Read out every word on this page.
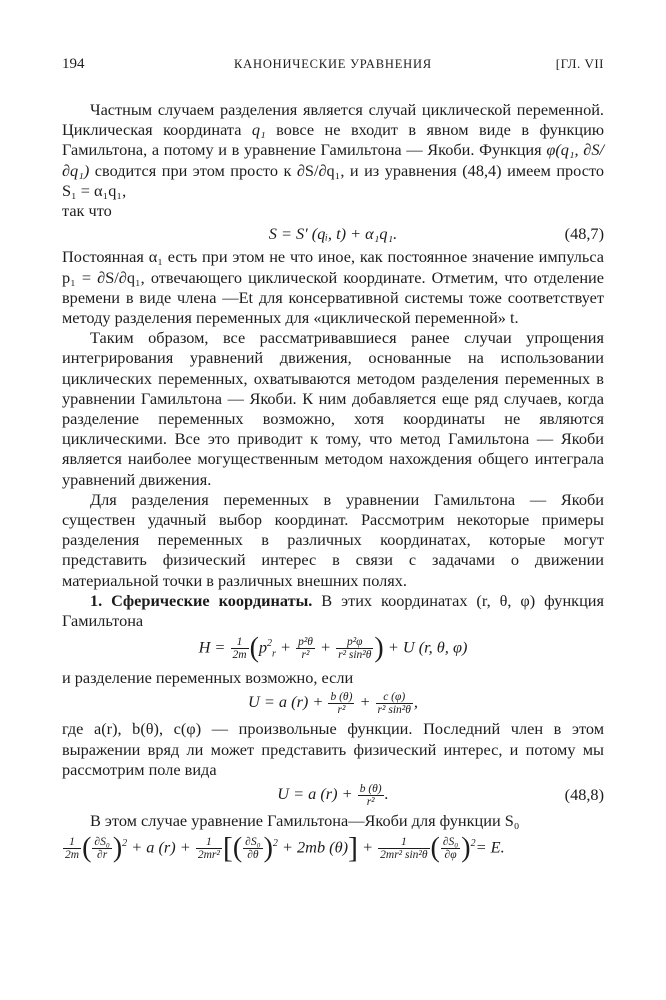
194	КАНОНИЧЕСКИЕ УРАВНЕНИЯ	[ГЛ. VII

Частным случаем разделения является случай циклической переменной. Циклическая координата q₁ вовсе не входит в явном виде в функцию Гамильтона, а потому и в уравнение Гамильтона — Якоби. Функция φ(q₁, ∂S/∂q₁) сводится при этом просто к ∂S/∂q₁, и из уравнения (48,4) имеем просто S₁ = α₁q₁,
так что

S = S′ (qᵢ, t) + α₁q₁.	(48,7)

Постоянная α₁ есть при этом не что иное, как постоянное значение импульса p₁ = ∂S/∂q₁, отвечающего циклической координате. Отметим, что отделение времени в виде члена —Et для консервативной системы тоже соответствует методу разделения переменных для «циклической переменной» t.

Таким образом, все рассматривавшиеся ранее случаи упрощения интегрирования уравнений движения, основанные на использовании циклических переменных, охватываются методом разделения переменных в уравнении Гамильтона — Якоби. К ним добавляется еще ряд случаев, когда разделение переменных возможно, хотя координаты не являются циклическими. Все это приводит к тому, что метод Гамильтона — Якоби является наиболее могущественным методом нахождения общего интеграла уравнений движения.

Для разделения переменных в уравнении Гамильтона — Якоби существен удачный выбор координат. Рассмотрим некоторые примеры разделения переменных в различных координатах, которые могут представить физический интерес в связи с задачами о движении материальной точки в различных внешних полях.

1. Сферические координаты. В этих координатах (r, θ, φ) функция Гамильтона

$H = \frac{1}{2m} (p^2_r + \frac{\text{p²θ}}{\text{r²}} + \frac{\text{p²φ}}{\text{r² sin²θ}}$ ) + U (r, θ, φ)

и разделение переменных возможно, если

U = a $(r) + \frac{b (\theta)}{\text{r²}} + \frac{c (\varphi)}{\text{r² sin²θ}}$ ,

где a(r), b(θ), c(φ) — произвольные функции. Последний член в этом выражении вряд ли может представить физический интерес, и потому мы рассмотрим поле вида

U = a $(r) + \frac{b (\theta)}{\text{r²}}$ .	(48,8)

В этом случае уравнение Гамильтона—Якоби для функции S₀

$\frac{1}{2m}$ ( $\frac{\text{∂S₀}}{\partial r} )^2 + a$ $(r) + \frac{1}{\text{2mr²}}$ [( $\frac{\text{∂S₀}}{\partial\theta} )^2 + 2mb$ $(\theta)] + \frac{1}{\text{2mr² sin²θ}}$ ( $\frac{\text{∂S₀}}{\partial\varphi} )^2= E$.
